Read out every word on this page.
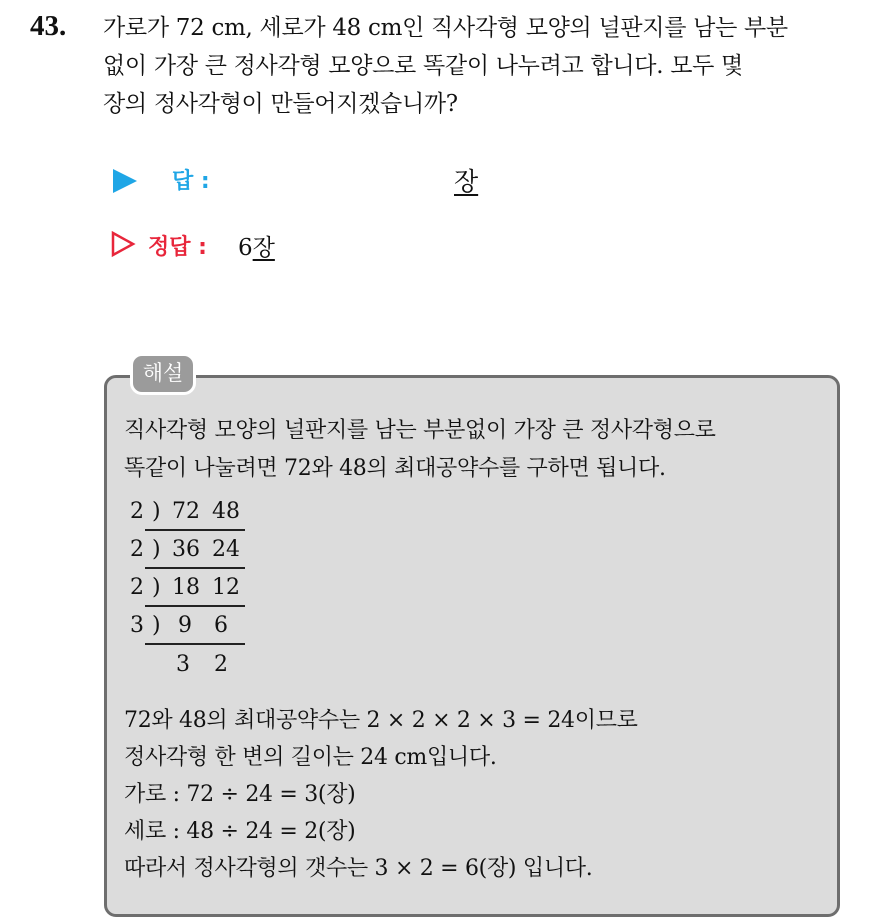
43. 가로가 72 cm, 세로가 48 cm인 직사각형 모양의 널판지를 남는 부분
없이 가장 큰 정사각형 모양으로 똑같이 나누려고 합니다. 모두 몇
장의 정사각형이 만들어지겠습니까?
답 :	장
정답 : 6장
해설
직사각형 모양의 널판지를 남는 부분없이 가장 큰 정사각형으로
똑같이 나눌려면 72와 48의 최대공약수를 구하면 됩니다.
2 ) 72 48
2 ) 36 24
2 ) 18 12
3 ) 9 6
3 2
72와 48의 최대공약수는 2 × 2 × 2 × 3 = 24이므로
정사각형 한 변의 길이는 24 cm입니다.
가로 : 72 ÷ 24 = 3(장)
세로 : 48 ÷ 24 = 2(장)
따라서 정사각형의 갯수는 3 × 2 = 6(장) 입니다.
